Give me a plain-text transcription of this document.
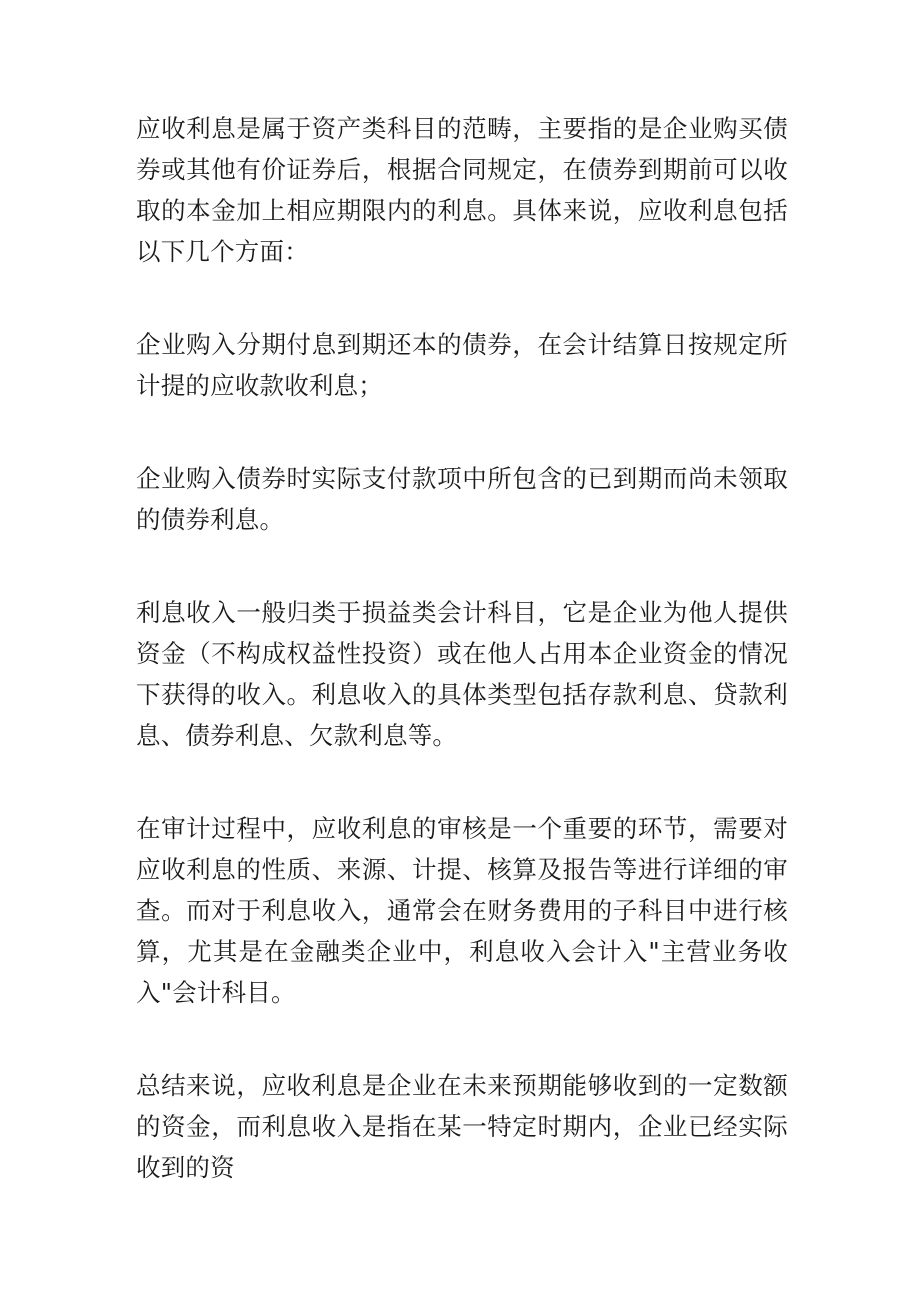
应收利息是属于资产类科目的范畴，主要指的是企业购买债券或其他有价证券后，根据合同规定，在债券到期前可以收取的本金加上相应期限内的利息。具体来说，应收利息包括以下几个方面：

企业购入分期付息到期还本的债券，在会计结算日按规定所计提的应收款收利息；

企业购入债券时实际支付款项中所包含的已到期而尚未领取的债券利息。

利息收入一般归类于损益类会计科目，它是企业为他人提供资金（不构成权益性投资）或在他人占用本企业资金的情况下获得的收入。利息收入的具体类型包括存款利息、贷款利息、债券利息、欠款利息等。

在审计过程中，应收利息的审核是一个重要的环节，需要对应收利息的性质、来源、计提、核算及报告等进行详细的审查。而对于利息收入，通常会在财务费用的子科目中进行核算，尤其是在金融类企业中，利息收入会计入"主营业务收入"会计科目。

总结来说，应收利息是企业在未来预期能够收到的一定数额的资金，而利息收入是指在某一特定时期内，企业已经实际收到的资
